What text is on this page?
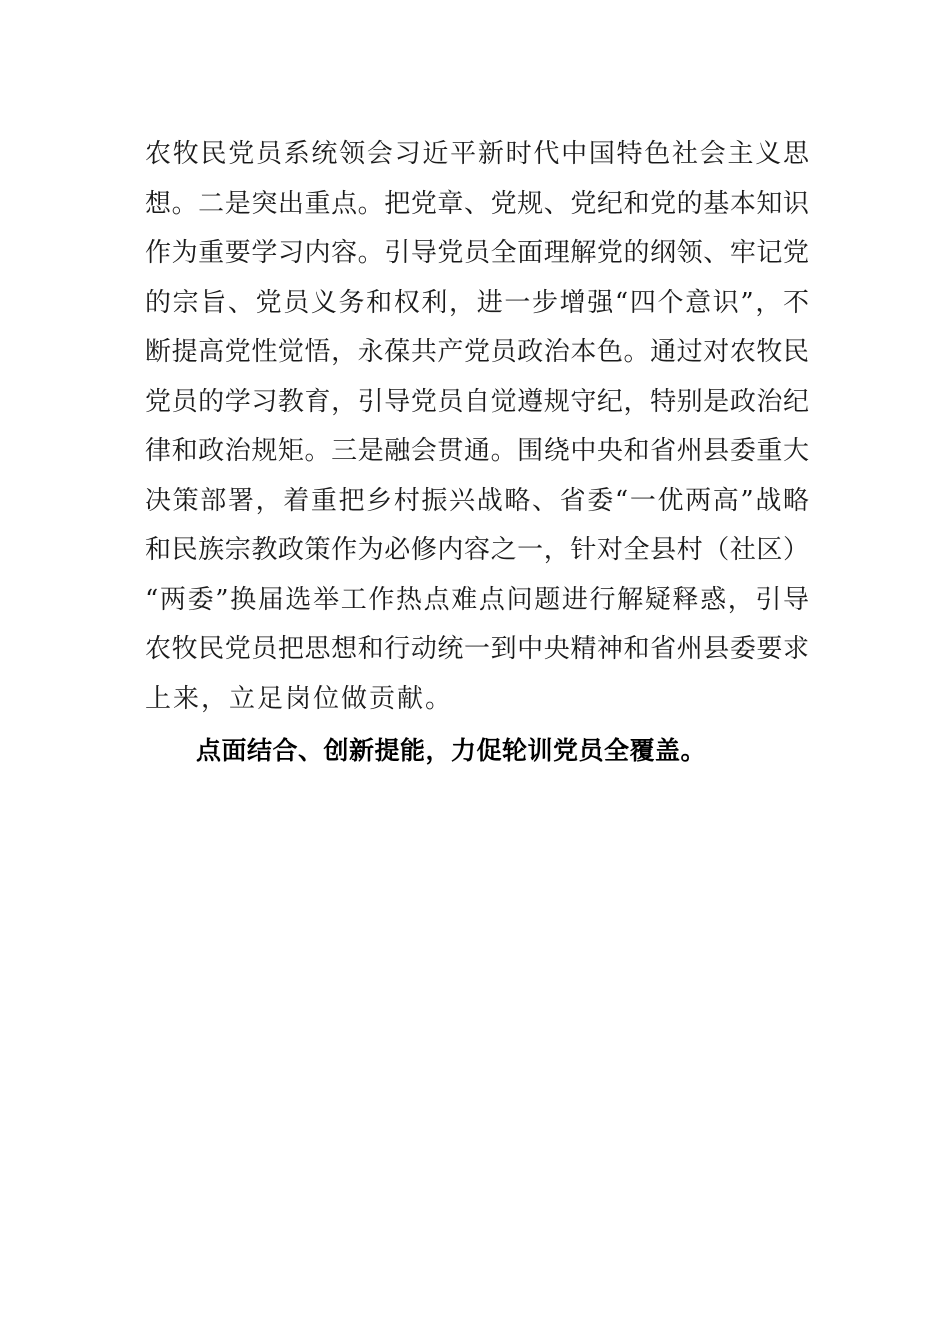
农牧民党员系统领会习近平新时代中国特色社会主义思
想。二是突出重点。把党章、党规、党纪和党的基本知识
作为重要学习内容。引导党员全面理解党的纲领、牢记党
的宗旨、党员义务和权利，进一步增强“四个意识”，不
断提高党性觉悟，永葆共产党员政治本色。通过对农牧民
党员的学习教育，引导党员自觉遵规守纪，特别是政治纪
律和政治规矩。三是融会贯通。围绕中央和省州县委重大
决策部署，着重把乡村振兴战略、省委“一优两高”战略
和民族宗教政策作为必修内容之一，针对全县村（社区）
“两委”换届选举工作热点难点问题进行解疑释惑，引导
农牧民党员把思想和行动统一到中央精神和省州县委要求
上来，立足岗位做贡献。
点面结合、创新提能，力促轮训党员全覆盖。
